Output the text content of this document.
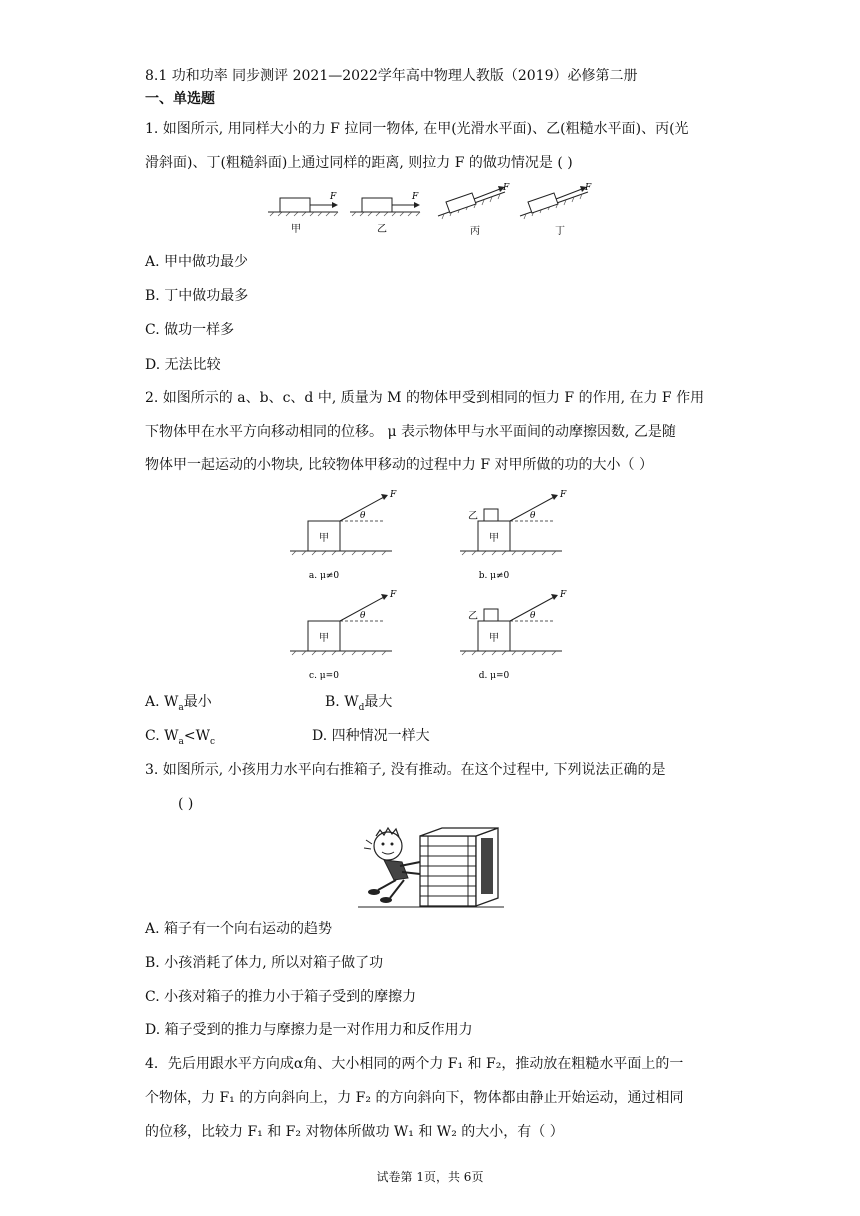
8.1 功和功率 同步测评 2021—2022学年高中物理人教版（2019）必修第二册
一、单选题
1. 如图所示, 用同样大小的力 F 拉同一物体, 在甲(光滑水平面)、乙(粗糙水平面)、丙(光
滑斜面)、丁(粗糙斜面)上通过同样的距离, 则拉力 F 的做功情况是 ( )
F
甲
F
乙
F
丙
F
丁
A. 甲中做功最少
B. 丁中做功最多
C. 做功一样多
D. 无法比较
2. 如图所示的 a、b、c、d 中, 质量为 M 的物体甲受到相同的恒力 F 的作用, 在力 F 作用
下物体甲在水平方向移动相同的位移。 μ 表示物体甲与水平面间的动摩擦因数, 乙是随
物体甲一起运动的小物块, 比较物体甲移动的过程中力 F 对甲所做的功的大小（ ）
甲
F
θ
a. μ≠0
乙
甲
F
θ
b. μ≠0
甲
F
θ
c. μ=0
乙
甲
F
θ
d. μ=0
A. $W_a$最小	B. $W_d$最大
C. $W_a<W_c$	D. 四种情况一样大
3. 如图所示, 小孩用力水平向右推箱子, 没有推动。在这个过程中, 下列说法正确的是
( )
A. 箱子有一个向右运动的趋势
B. 小孩消耗了体力, 所以对箱子做了功
C. 小孩对箱子的推力小于箱子受到的摩擦力
D. 箱子受到的推力与摩擦力是一对作用力和反作用力
4．先后用跟水平方向成α角、大小相同的两个力 F₁ 和 F₂，推动放在粗糙水平面上的一
个物体，力 F₁ 的方向斜向上，力 F₂ 的方向斜向下，物体都由静止开始运动，通过相同
的位移，比较力 F₁ 和 F₂ 对物体所做功 W₁ 和 W₂ 的大小，有（ ）
试卷第 1页，共 6页
